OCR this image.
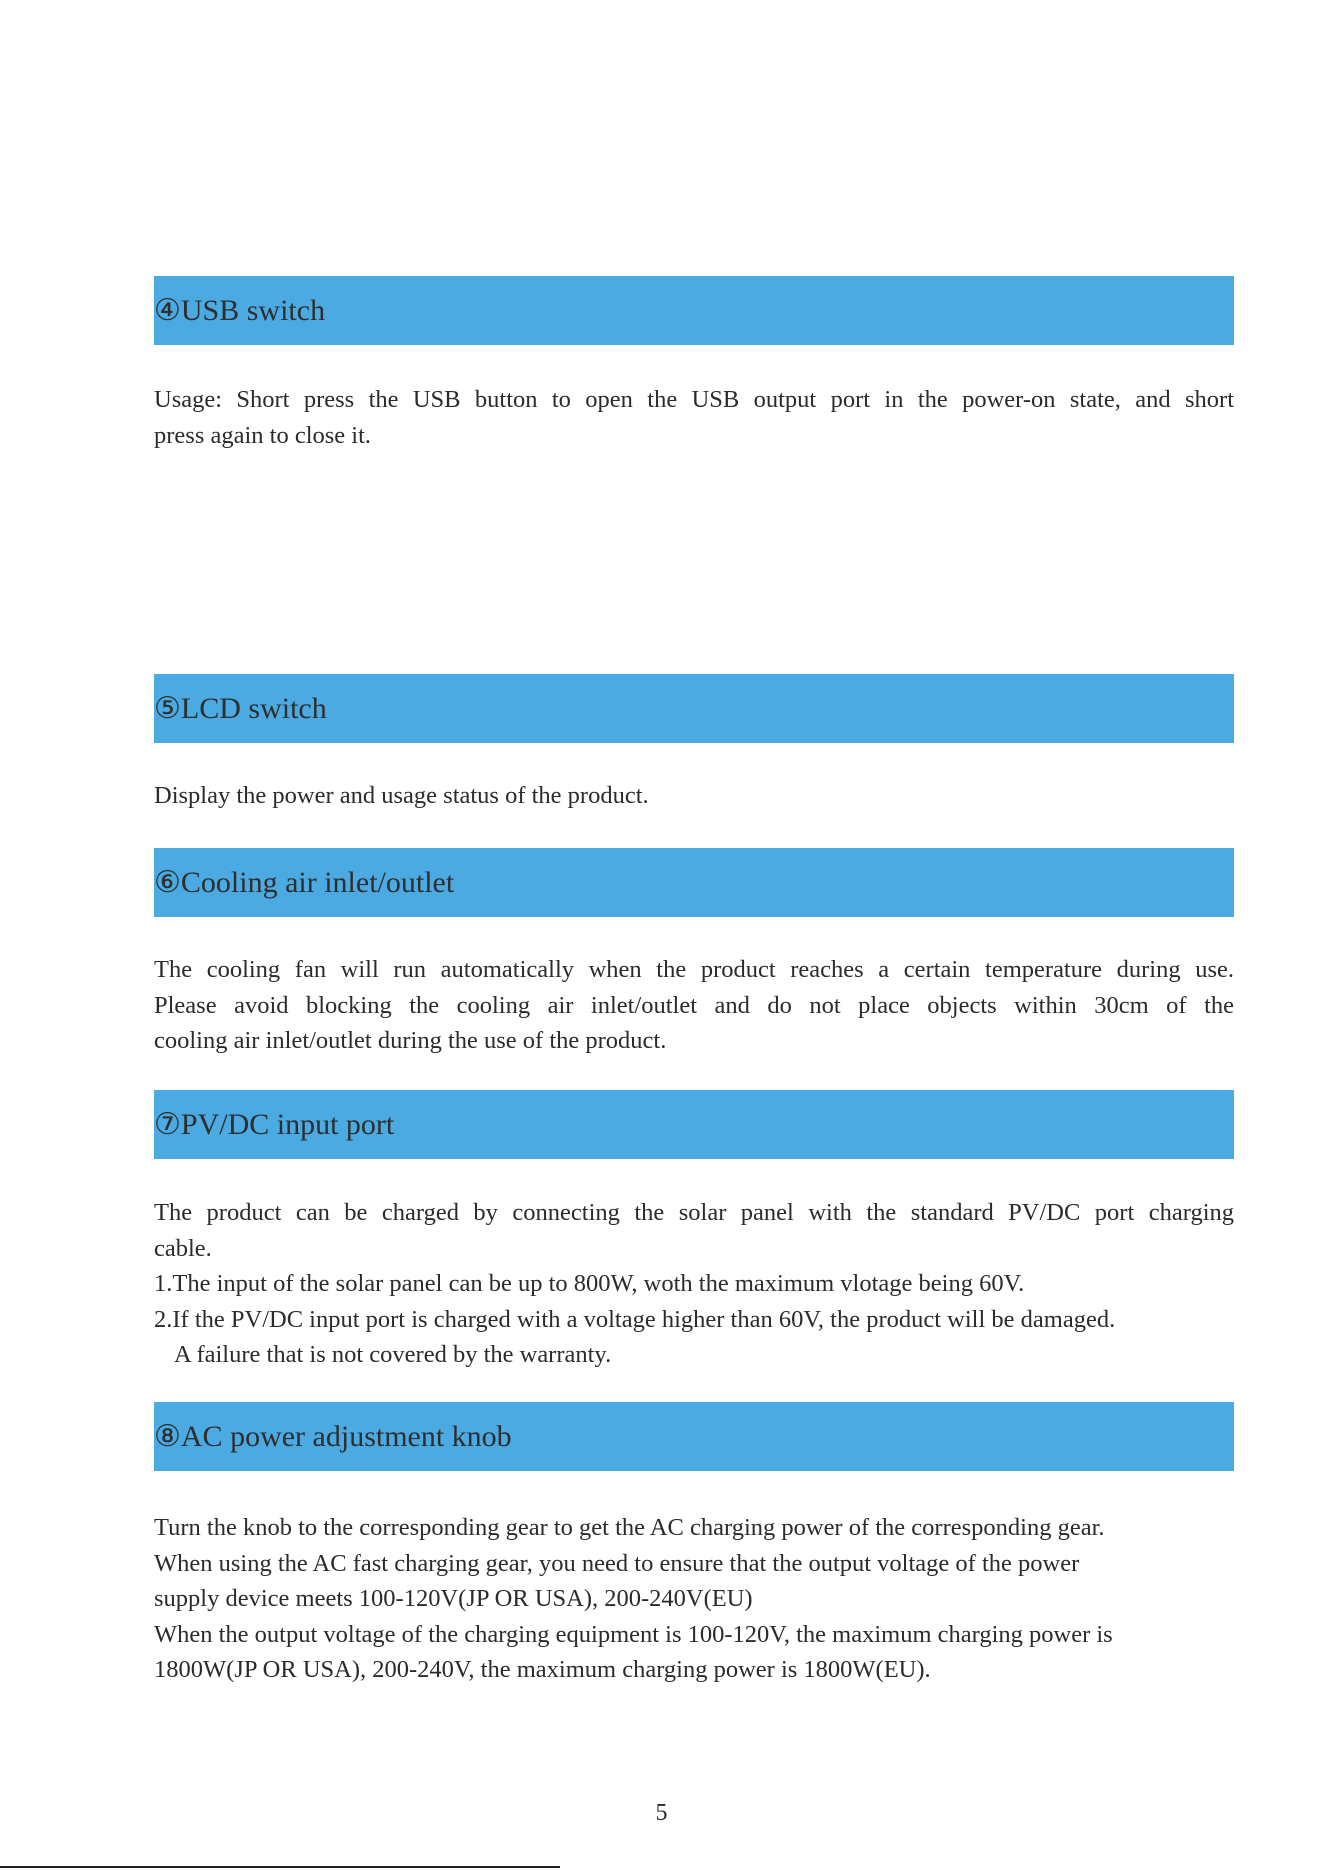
④USB switch
Usage: Short press the USB button to open the USB output port in the power-on state, and short
press again to close it.
⑤LCD switch
Display the power and usage status of the product.
⑥Cooling air inlet/outlet
The cooling fan will run automatically when the product reaches a certain temperature during use.
Please avoid blocking the cooling air inlet/outlet and do not place objects within 30cm of the
cooling air inlet/outlet during the use of the product.
⑦PV/DC input port
The product can be charged by connecting the solar panel with the standard PV/DC port charging
cable.
1.The input of the solar panel can be up to 800W, woth the maximum vlotage being 60V.
2.If the PV/DC input port is charged with a voltage higher than 60V, the product will be damaged.
A failure that is not covered by the warranty.
⑧AC power adjustment knob
Turn the knob to the corresponding gear to get the AC charging power of the corresponding gear.
When using the AC fast charging gear, you need to ensure that the output voltage of the power
supply device meets 100-120V(JP OR USA), 200-240V(EU)
When the output voltage of the charging equipment is 100-120V, the maximum charging power is
1800W(JP OR USA), 200-240V, the maximum charging power is 1800W(EU).
5
